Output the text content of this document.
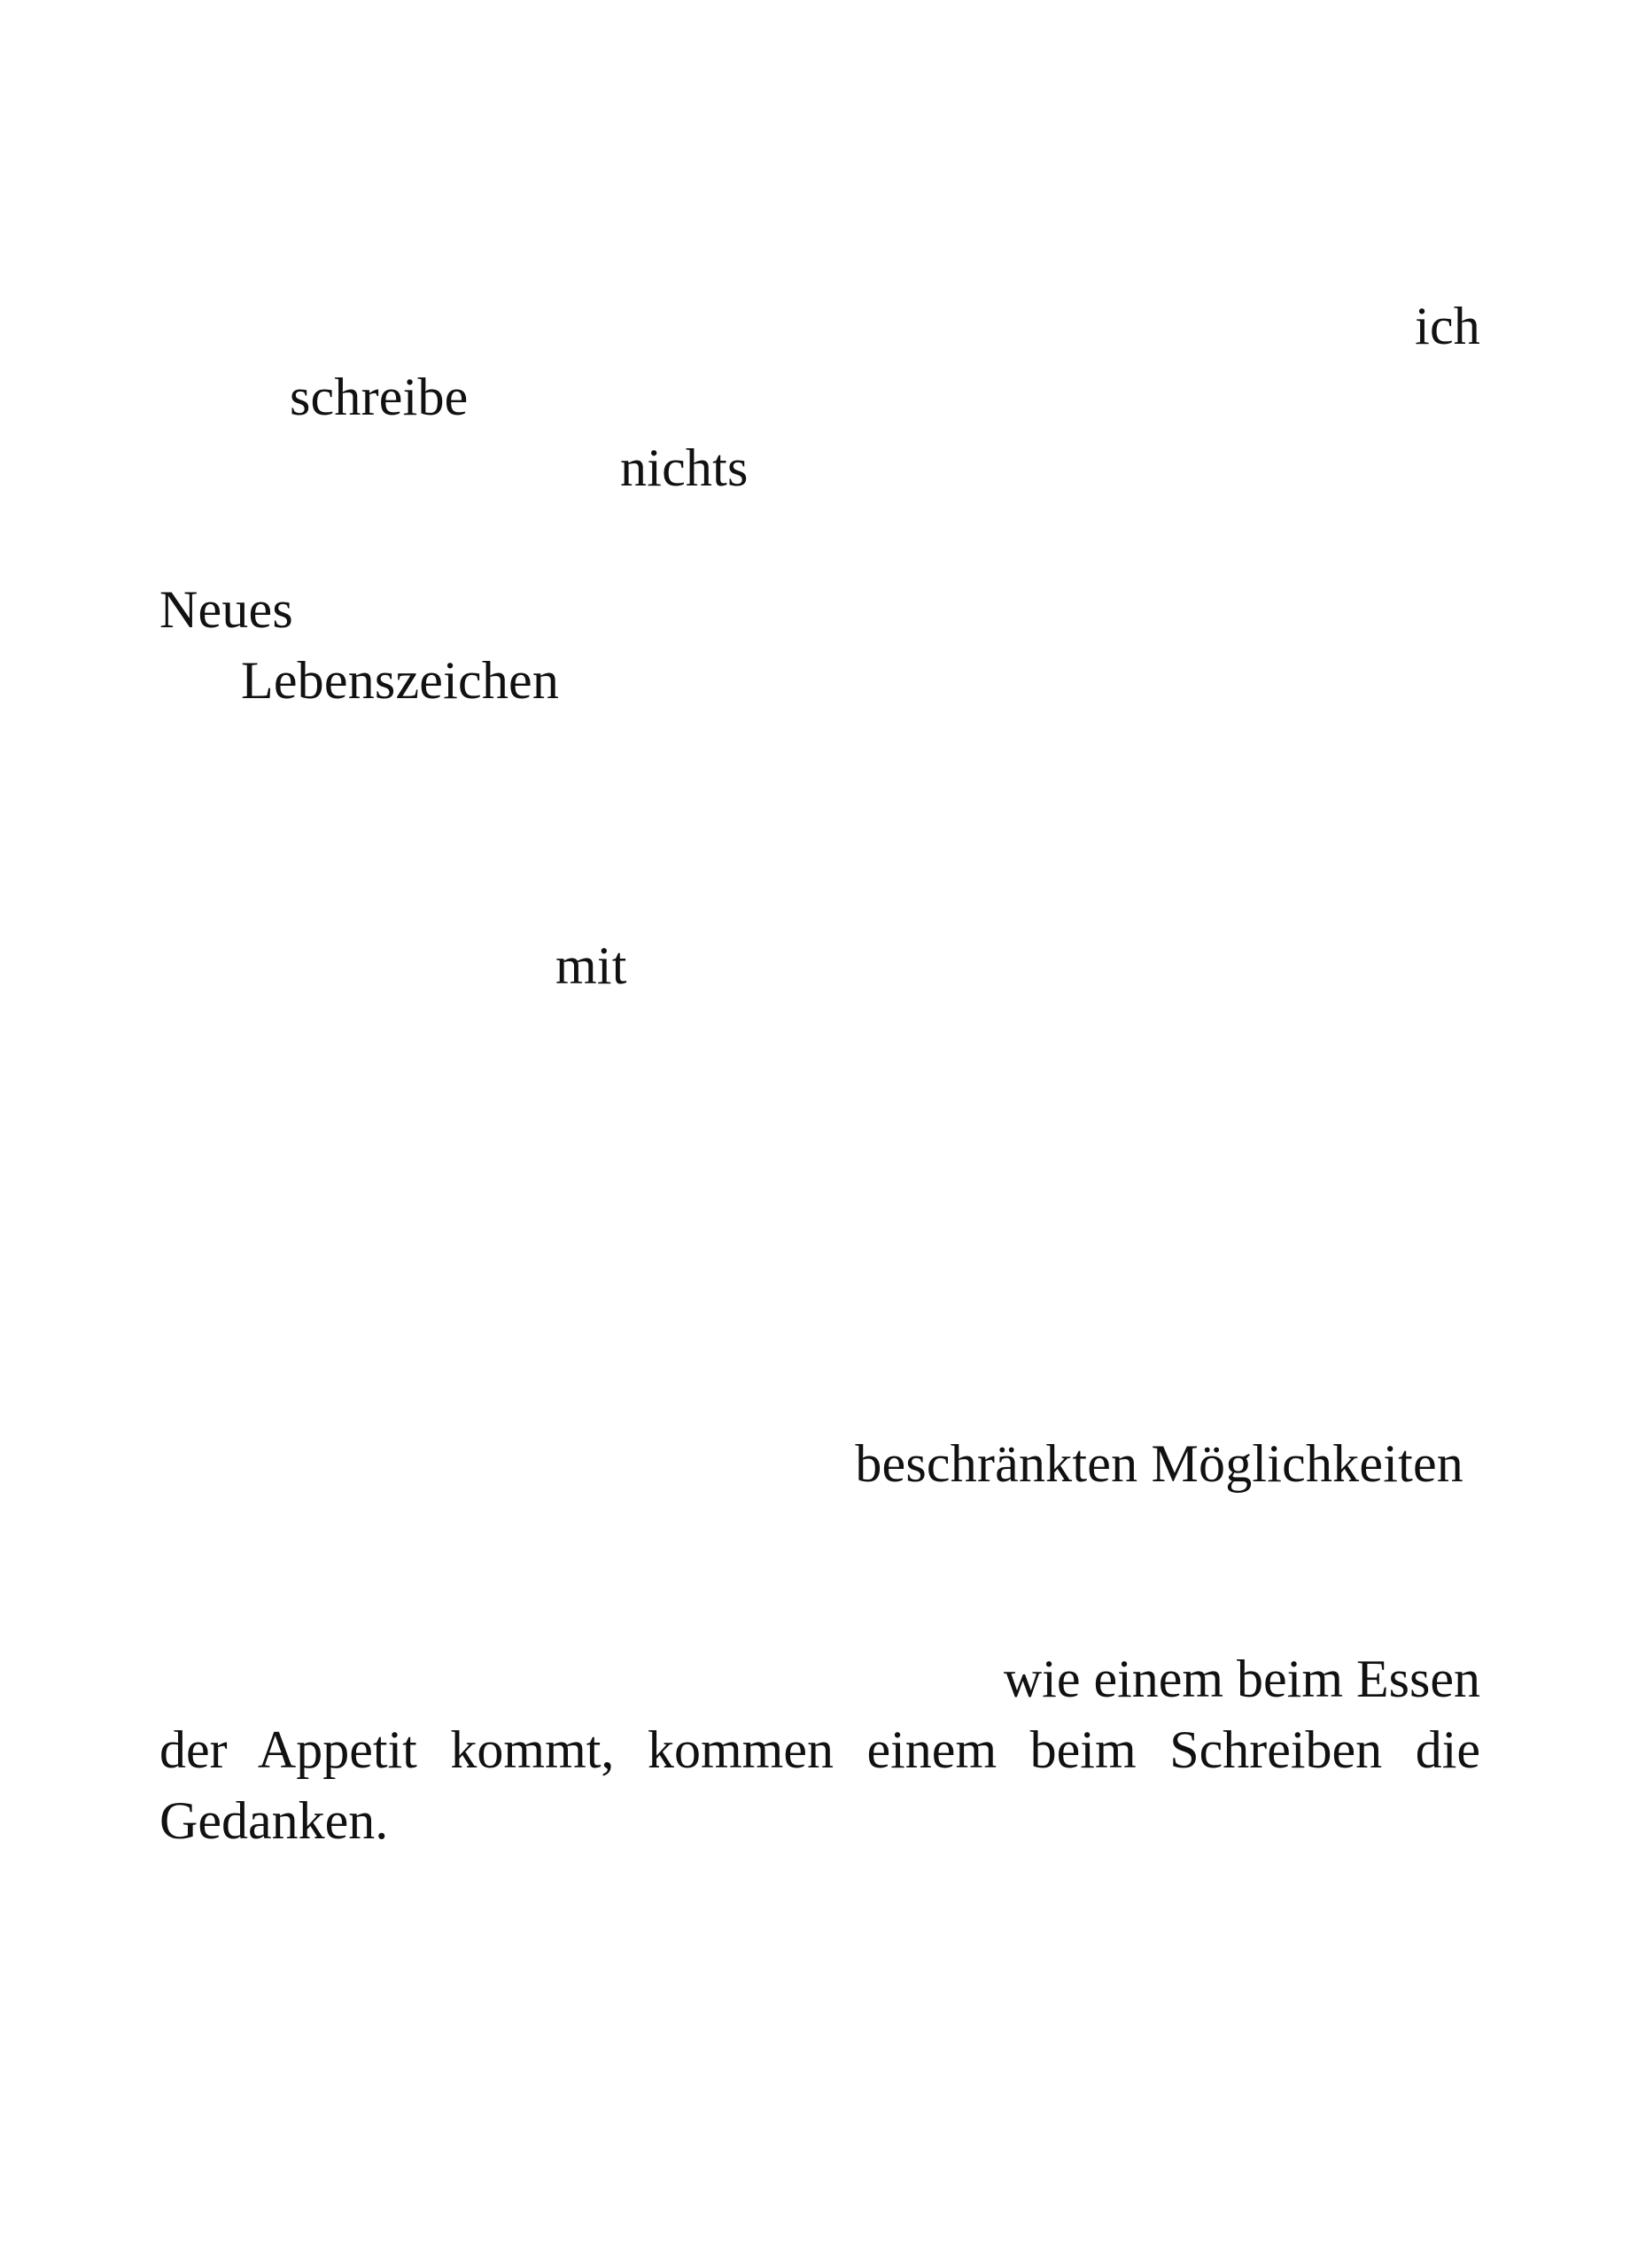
ich
schreibe
nichts
Neues
Lebenszeichen
mit
beschränkten Möglichkeiten
wie einem beim Essen
der Appetit kommt, kommen einem beim Schreiben die
Gedanken.
